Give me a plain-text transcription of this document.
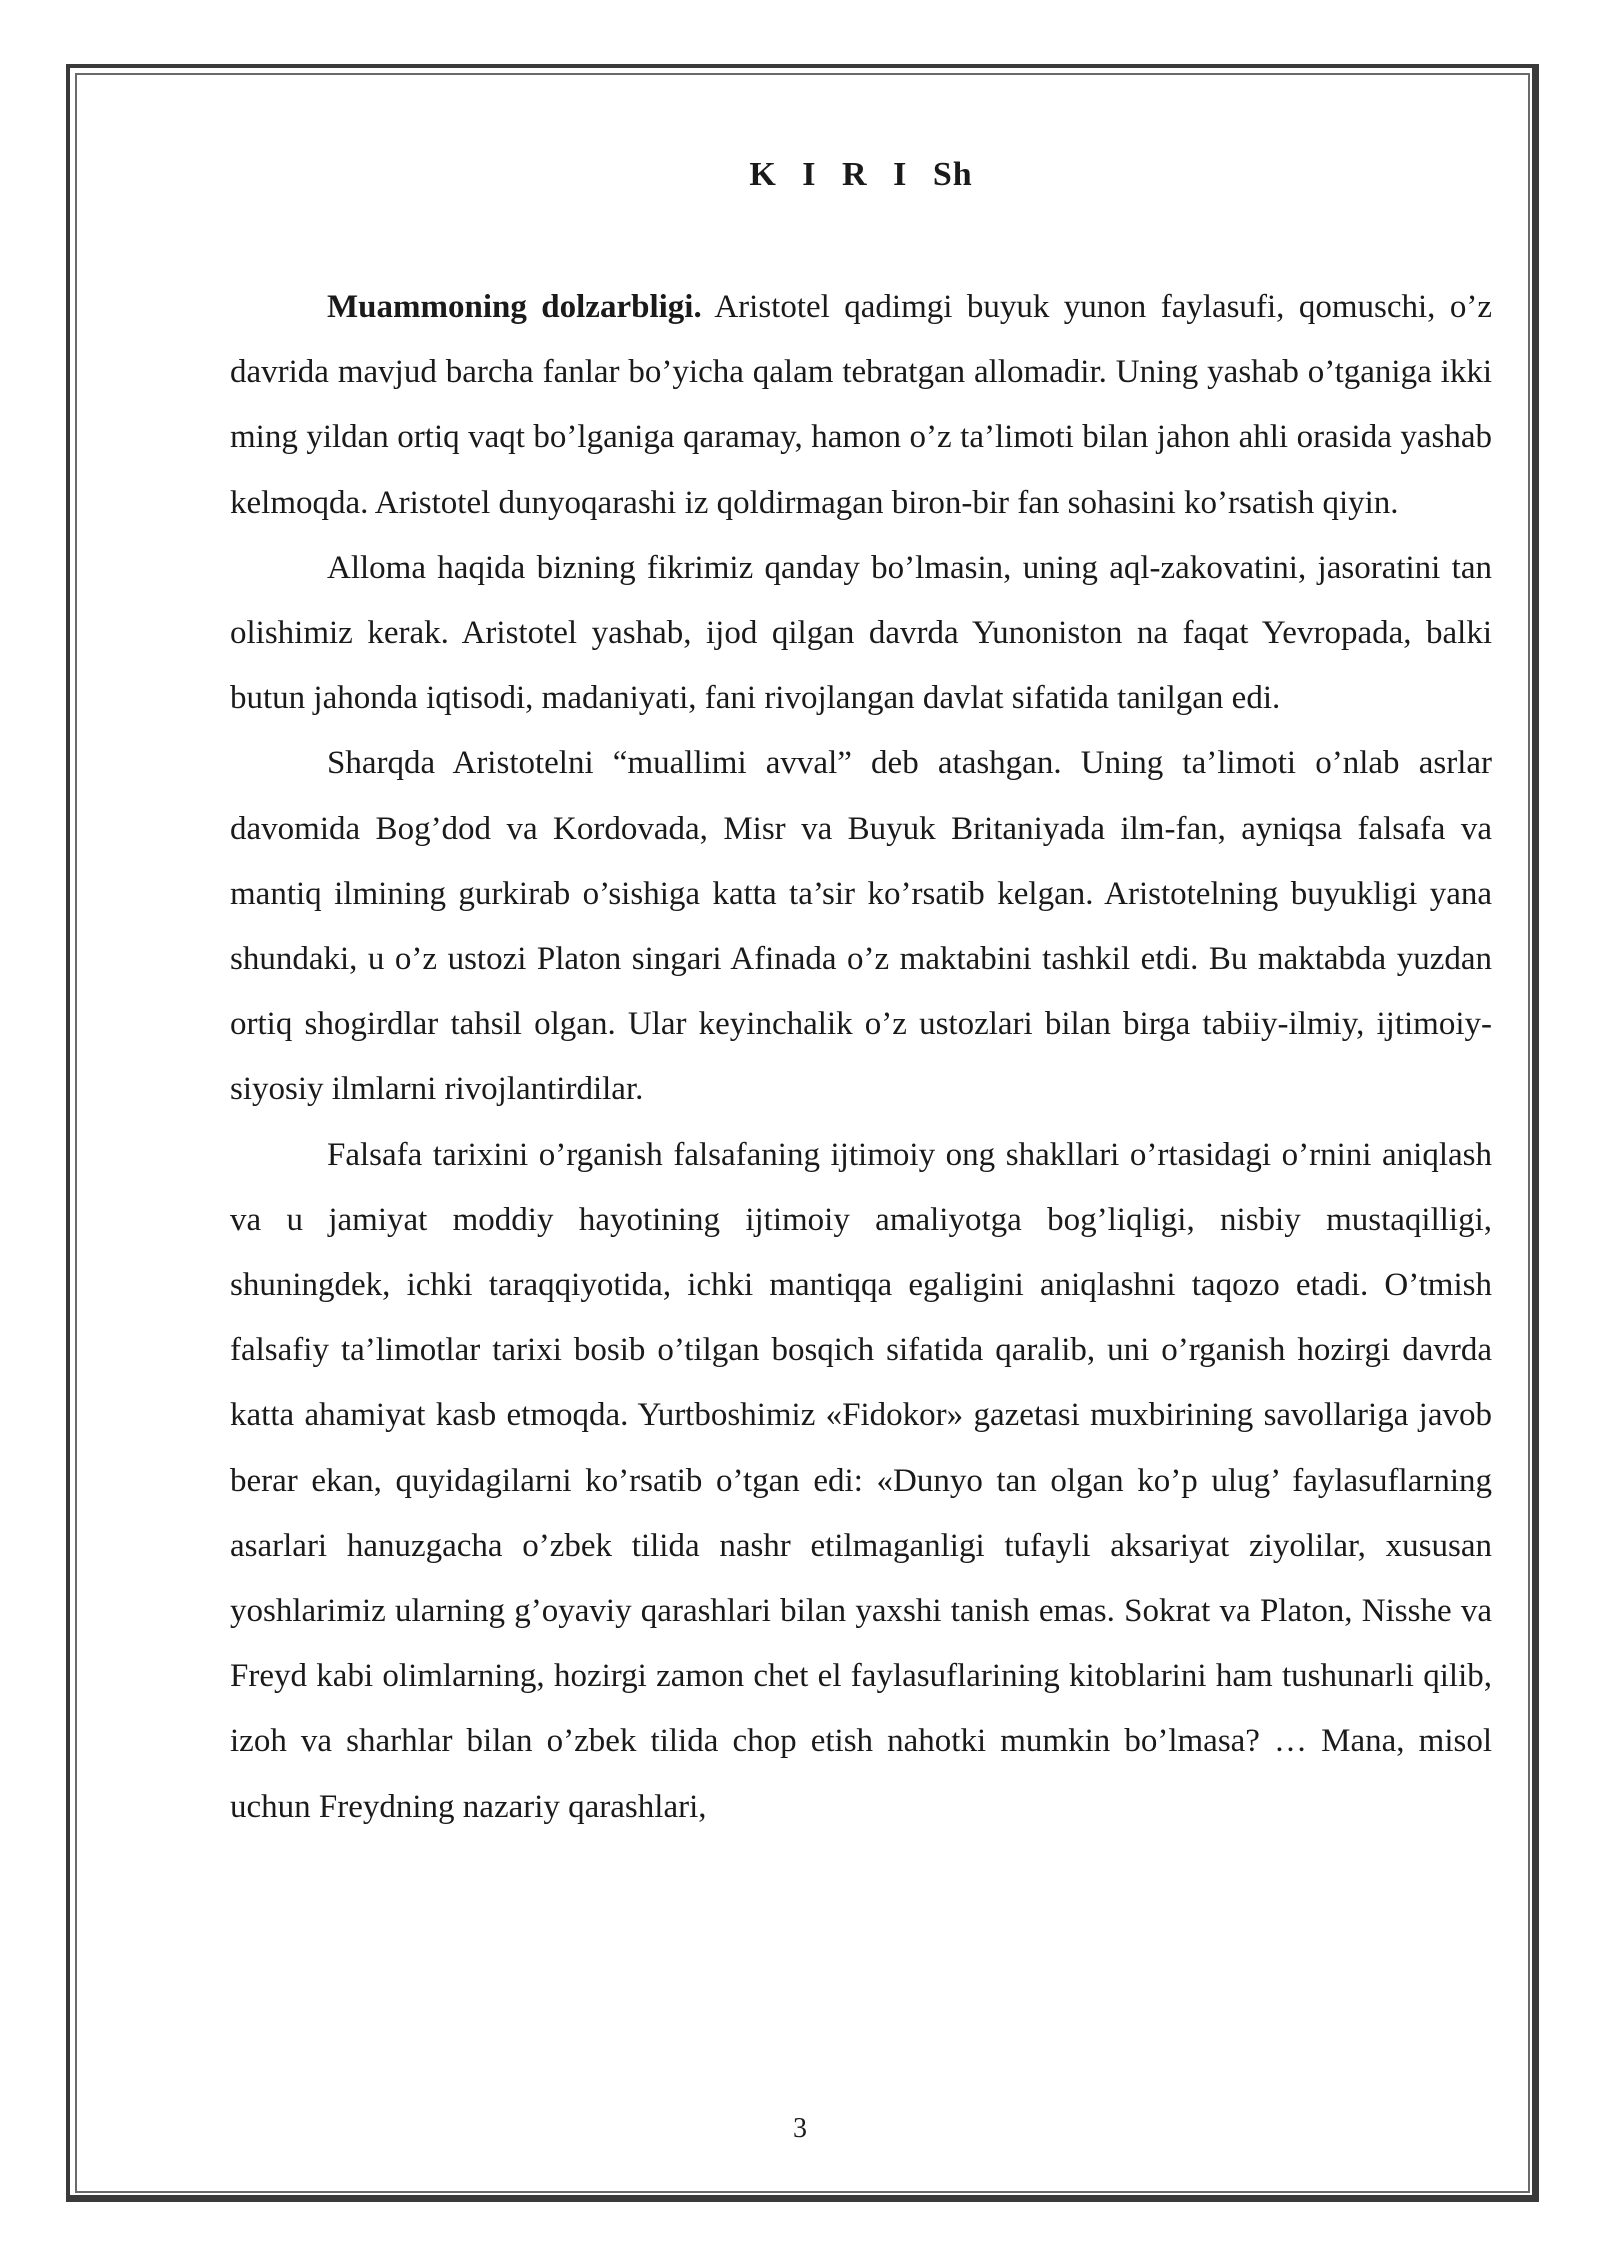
K I R I Sh

Muammoning dolzarbligi. Aristotel qadimgi buyuk yunon faylasufi, qomuschi, o’z davrida mavjud barcha fanlar bo’yicha qalam tebratgan allomadir. Uning yashab o’tganiga ikki ming yildan ortiq vaqt bo’lganiga qaramay, hamon o’z ta’limoti bilan jahon ahli orasida yashab kelmoqda. Aristotel dunyoqarashi iz qoldirmagan biron-bir fan sohasini ko’rsatish qiyin.

Alloma haqida bizning fikrimiz qanday bo’lmasin, uning aql-zakovatini, jasoratini tan olishimiz kerak. Aristotel yashab, ijod qilgan davrda Yunoniston na faqat Yevropada, balki butun jahonda iqtisodi, madaniyati, fani rivojlangan davlat sifatida tanilgan edi.

Sharqda Aristotelni “muallimi avval” deb atashgan. Uning ta’limoti o’nlab asrlar davomida Bog’dod va Kordovada, Misr va Buyuk Britaniyada ilm-fan, ayniqsa falsafa va mantiq ilmining gurkirab o’sishiga katta ta’sir ko’rsatib kelgan. Aristotelning buyukligi yana shundaki, u o’z ustozi Platon singari Afinada o’z maktabini tashkil etdi. Bu maktabda yuzdan ortiq shogirdlar tahsil olgan. Ular keyinchalik o’z ustozlari bilan birga tabiiy-ilmiy, ijtimoiy-siyosiy ilmlarni rivojlantirdilar.

Falsafa tarixini o’rganish falsafaning ijtimoiy ong shakllari o’rtasidagi o’rnini aniqlash va u jamiyat moddiy hayotining ijtimoiy amaliyotga bog’liqligi, nisbiy mustaqilligi, shuningdek, ichki taraqqiyotida, ichki mantiqqa egaligini aniqlashni taqozo etadi. O’tmish falsafiy ta’limotlar tarixi bosib o’tilgan bosqich sifatida qaralib, uni o’rganish hozirgi davrda katta ahamiyat kasb etmoqda. Yurtboshimiz «Fidokor» gazetasi muxbirining savollariga javob berar ekan, quyidagilarni ko’rsatib o’tgan edi: «Dunyo tan olgan ko’p ulug’ faylasuflarning asarlari hanuzgacha o’zbek tilida nashr etilmaganligi tufayli aksariyat ziyolilar, xususan yoshlarimiz ularning g’oyaviy qarashlari bilan yaxshi tanish emas. Sokrat va Platon, Nisshe va Freyd kabi olimlarning, hozirgi zamon chet el faylasuflarining kitoblarini ham tushunarli qilib, izoh va sharhlar bilan o’zbek tilida chop etish nahotki mumkin bo’lmasa? … Mana, misol uchun Freydning nazariy qarashlari,

3
